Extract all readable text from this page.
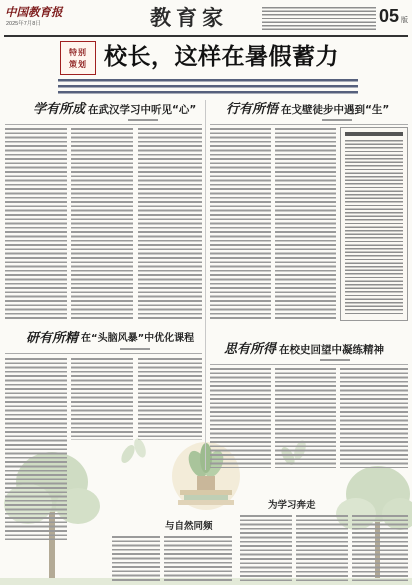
中国教育报
2025年7月8日	教育家	05 版
特别
策划 校长，这样在暑假蓄力
学有所成 在武汉学习中听见“心” 行有所悟 在戈壁徒步中遇到“生”
研有所精 在“头脑风暴”中优化课程
思有所得 在校史回望中凝练精神
为学习奔走
与自然同频
